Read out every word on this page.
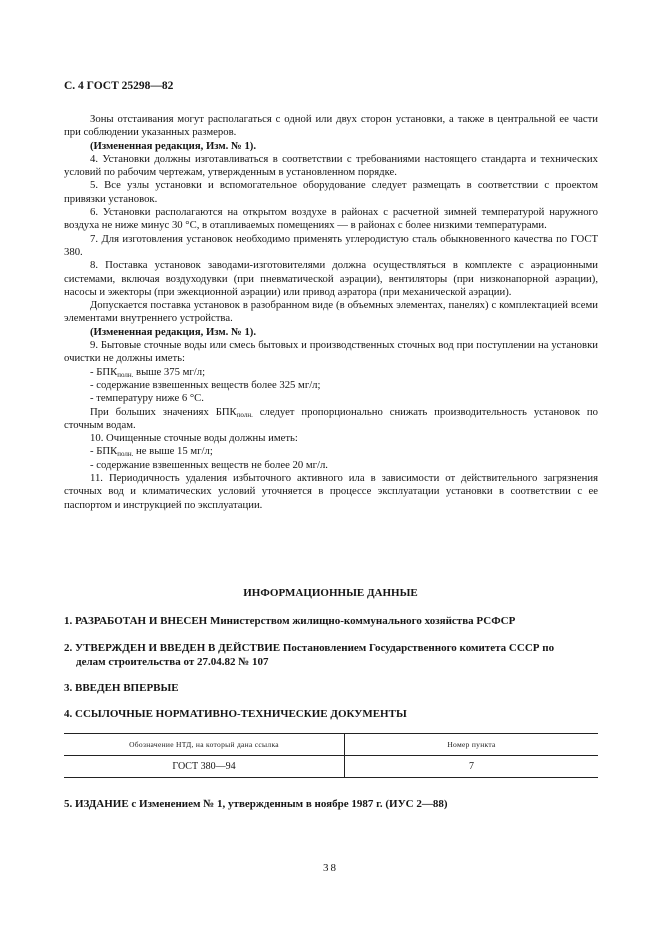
С. 4 ГОСТ 25298—82

Зоны отстаивания могут располагаться с одной или двух сторон установки, а также в центральной ее части при соблюдении указанных размеров.

(Измененная редакция, Изм. № 1).

4. Установки должны изготавливаться в соответствии с требованиями настоящего стандарта и технических условий по рабочим чертежам, утвержденным в установленном порядке.

5. Все узлы установки и вспомогательное оборудование следует размещать в соответствии с проектом привязки установок.

6. Установки располагаются на открытом воздухе в районах с расчетной зимней температурой наружного воздуха не ниже минус 30 °С, в отапливаемых помещениях — в районах с более низкими температурами.

7. Для изготовления установок необходимо применять углеродистую сталь обыкновенного качества по ГОСТ 380.

8. Поставка установок заводами-изготовителями должна осуществляться в комплекте с аэрационными системами, включая воздуходувки (при пневматической аэрации), вентиляторы (при низконапорной аэрации), насосы и эжекторы (при эжекционной аэрации) или привод аэратора (при механической аэрации).

Допускается поставка установок в разобранном виде (в объемных элементах, панелях) с комплектацией всеми элементами внутреннего устройства.

(Измененная редакция, Изм. № 1).

9. Бытовые сточные воды или смесь бытовых и производственных сточных вод при поступлении на установки очистки не должны иметь:

- $БПК_{полн.}$ выше 375 мг/л;

- содержание взвешенных веществ более 325 мг/л;

- температуру ниже 6 °С.

При больших значениях $БПК_{полн.}$ следует пропорционально снижать производительность установок по сточным водам.

10. Очищенные сточные воды должны иметь:

- $БПК_{полн.}$ не выше 15 мг/л;

- содержание взвешенных веществ не более 20 мг/л.

11. Периодичность удаления избыточного активного ила в зависимости от действительного загрязнения сточных вод и климатических условий уточняется в процессе эксплуатации установки в соответствии с ее паспортом и инструкцией по эксплуатации.

ИНФОРМАЦИОННЫЕ ДАННЫЕ
1. РАЗРАБОТАН И ВНЕСЕН Министерством жилищно-коммунального хозяйства РСФСР
2. УТВЕРЖДЕН И ВВЕДЕН В ДЕЙСТВИЕ Постановлением Государственного комитета СССР по
делам строительства от 27.04.82 № 107
3. ВВЕДЕН ВПЕРВЫЕ
4. ССЫЛОЧНЫЕ НОРМАТИВНО-ТЕХНИЧЕСКИЕ ДОКУМЕНТЫ
Обозначение НТД, на который дана ссылка	Номер пункта
ГОСТ 380—94	7
5. ИЗДАНИЕ с Изменением № 1, утвержденным в ноябре 1987 г. (ИУС 2—88)
38
